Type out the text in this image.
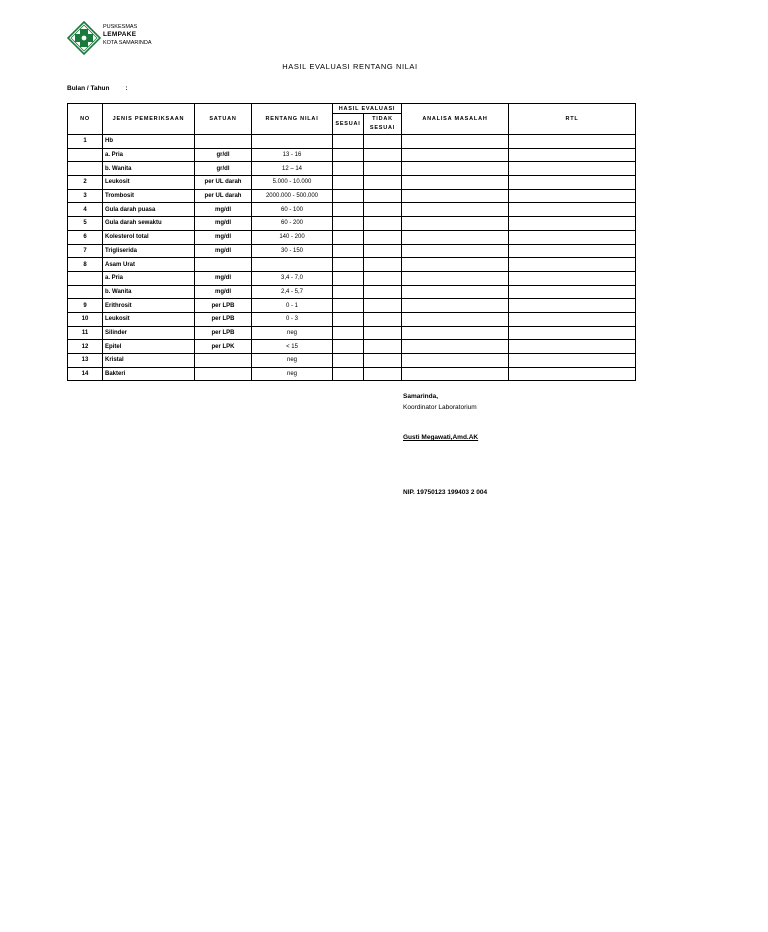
PUSKESMAS
LEMPAKE
KOTA SAMARINDA
HASIL EVALUASI RENTANG NILAI
Bulan / Tahun :
NO	JENIS PEMERIKSAAN	SATUAN	RENTANG NILAI	HASIL EVALUASI		ANALISA MASALAH	RTL
				SESUAI	TIDAK SESUAI		
1	Hb						
	a. Pria	gr/dl	13 - 16				
	b. Wanita	gr/dl	12 – 14				
2	Leukosit	per UL darah	5.000 - 10.000				
3	Trombosit	per UL darah	2000.000 - 500.000				
4	Gula darah puasa	mg/dl	60 - 100				
5	Gula darah sewaktu	mg/dl	60 - 200				
6	Kolesterol total	mg/dl	140 - 200				
7	Trigliserida	mg/dl	30 - 150				
8	Asam Urat						
	a. Pria	mg/dl	3,4 - 7,0				
	b. Wanita	mg/dl	2,4 - 5,7				
9	Erithrosit	per LPB	0 - 1				
10	Leukosit	per LPB	0 - 3				
11	Silinder	per LPB	neg				
12	Epitel	per LPK	< 15				
13	Kristal		neg				
14	Bakteri		neg				
Samarinda,
Koordinator Laboratorium
Gusti Megawati,Amd.AK
NIP. 19750123 199403 2 004
